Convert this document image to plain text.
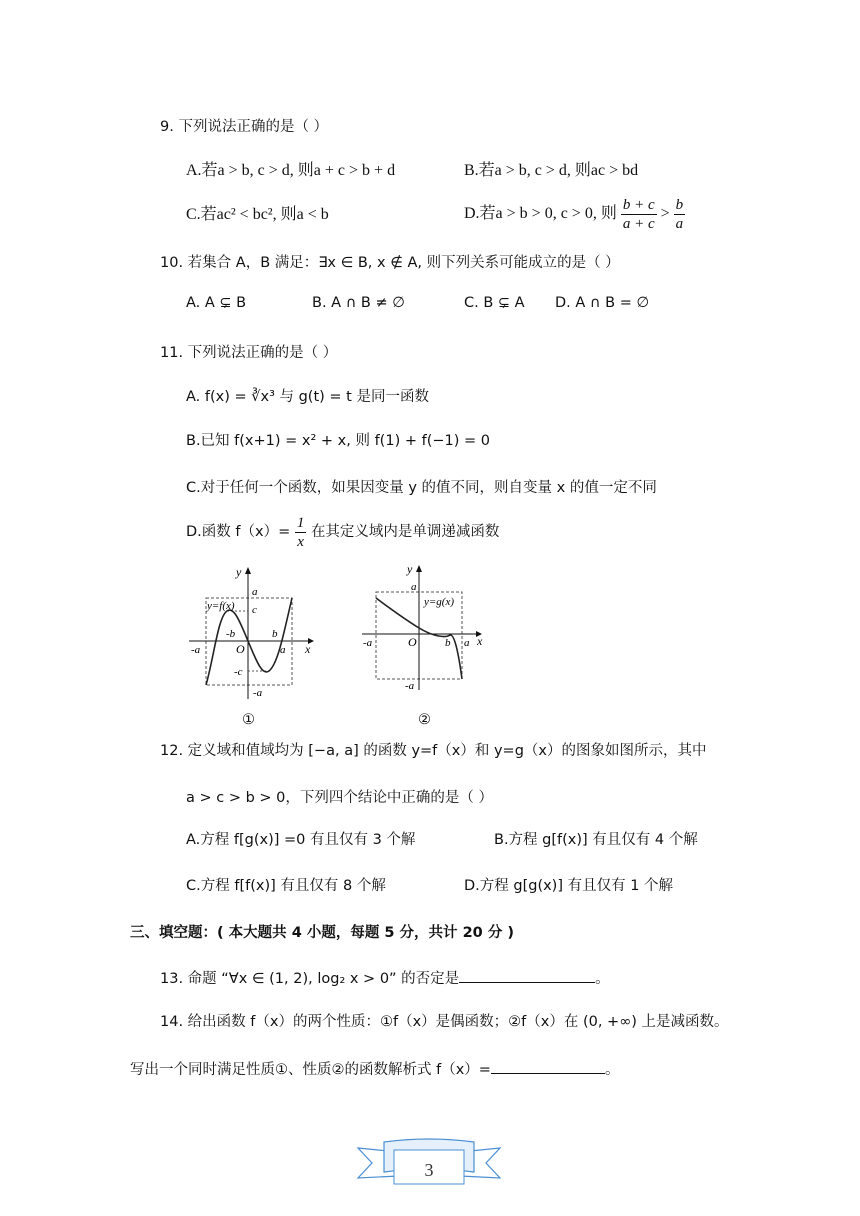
9. 下列说法正确的是（ ）
A.若a > b, c > d, 则a + c > b + d	B.若a > b, c > d, 则ac > bd
C.若ac² < bc², 则a < b	D.若a > b > 0, c > 0, 则 $\frac{b + c}{a + c} > \frac{b}{a}$
10. 若集合 A，B 满足：∃x ∈ B, x ∉ A, 则下列关系可能成立的是（ ）
A. A ⊊ B	B. A ∩ B ≠ ∅	C. B ⊊ A D. A ∩ B = ∅
11. 下列说法正确的是（ ）
A. f(x) = ∛x³ 与 g(t) = t 是同一函数
B.已知 f(x+1) = x² + x, 则 f(1) + f(−1) = 0
C.对于任何一个函数，如果因变量 y 的值不同，则自变量 x 的值一定不同
D.函数 $f(x)= \frac{1}{x}$ 在其定义域内是单调递减函数
y
x
y=f(x)
O
a
c
-b	b
-a	a
-c
-a
①
y
x
y=g(x)
O
a
-a	b a
-a
②
12. 定义域和值域均为 [−a, a] 的函数 y=f（x）和 y=g（x）的图象如图所示，其中
a > c > b > 0，下列四个结论中正确的是（ ）
A.方程 f[g(x)] =0 有且仅有 3 个解	B.方程 g[f(x)] 有且仅有 4 个解
C.方程 f[f(x)] 有且仅有 8 个解	D.方程 g[g(x)] 有且仅有 1 个解
三、填空题：( 本大题共 4 小题，每题 5 分，共计 20 分 )
13. 命题 “∀x ∈ (1, 2), log₂ x > 0” 的否定是	。
14. 给出函数 f（x）的两个性质：①f（x）是偶函数；②f（x）在 (0, +∞) 上是减函数。
写出一个同时满足性质①、性质②的函数解析式 f（x）=	。
3
